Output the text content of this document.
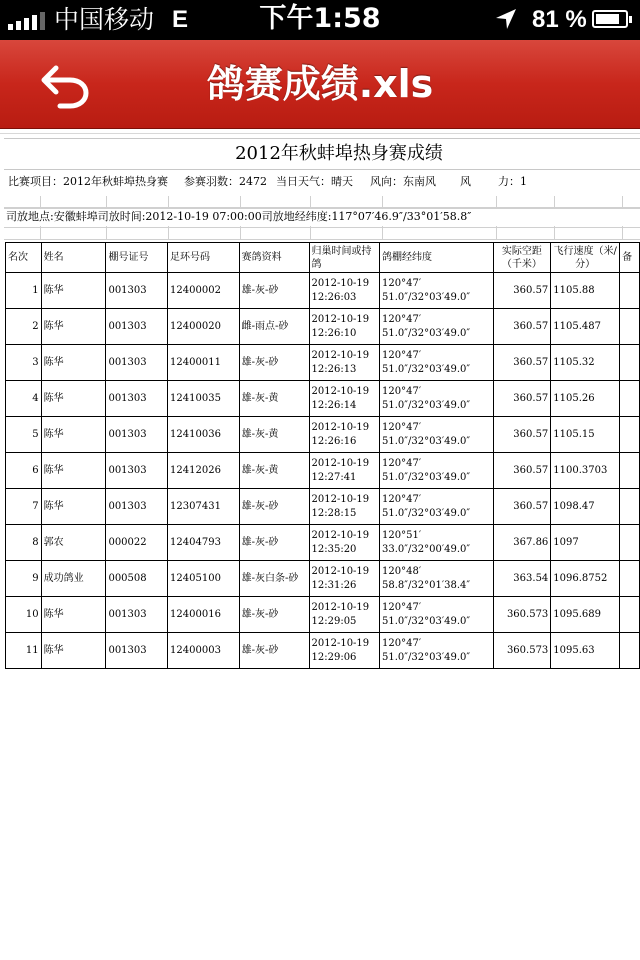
中国移动 E	下午1:58	81 %
鸽赛成绩.xls
2012年秋蚌埠热身赛成绩
比赛项目：2012年秋蚌埠热身赛 参赛羽数：2472 当日天气：晴天 风向：东南风 风 力：1
司放地点:安徽蚌埠司放时间:2012-10-19 07:00:00司放地经纬度:117°07′46.9″/33°01′58.8″
名次	姓名	棚号证号	足环号码	赛鸽资料	归巢时间或持鸽	鸽棚经纬度	实际空距（千米）	飞行速度（米/分）	备
1	陈华	001303	12400002	雄-灰-砂	2012-10-19 12:26:03	120°47′ 51.0″/32°03′49.0″	360.57	1105.88	
2	陈华	001303	12400020	雌-雨点-砂	2012-10-19 12:26:10	120°47′ 51.0″/32°03′49.0″	360.57	1105.487	
3	陈华	001303	12400011	雄-灰-砂	2012-10-19 12:26:13	120°47′ 51.0″/32°03′49.0″	360.57	1105.32	
4	陈华	001303	12410035	雄-灰-黄	2012-10-19 12:26:14	120°47′ 51.0″/32°03′49.0″	360.57	1105.26	
5	陈华	001303	12410036	雄-灰-黄	2012-10-19 12:26:16	120°47′ 51.0″/32°03′49.0″	360.57	1105.15	
6	陈华	001303	12412026	雄-灰-黄	2012-10-19 12:27:41	120°47′ 51.0″/32°03′49.0″	360.57	1100.3703	
7	陈华	001303	12307431	雄-灰-砂	2012-10-19 12:28:15	120°47′ 51.0″/32°03′49.0″	360.57	1098.47	
8	郭农	000022	12404793	雄-灰-砂	2012-10-19 12:35:20	120°51′ 33.0″/32°00′49.0″	367.86	1097	
9	成功鸽业	000508	12405100	雄-灰白条-砂	2012-10-19 12:31:26	120°48′ 58.8″/32°01′38.4″	363.54	1096.8752	
10	陈华	001303	12400016	雄-灰-砂	2012-10-19 12:29:05	120°47′ 51.0″/32°03′49.0″	360.573	1095.689	
11	陈华	001303	12400003	雄-灰-砂	2012-10-19 12:29:06	120°47′ 51.0″/32°03′49.0″	360.573	1095.63	
